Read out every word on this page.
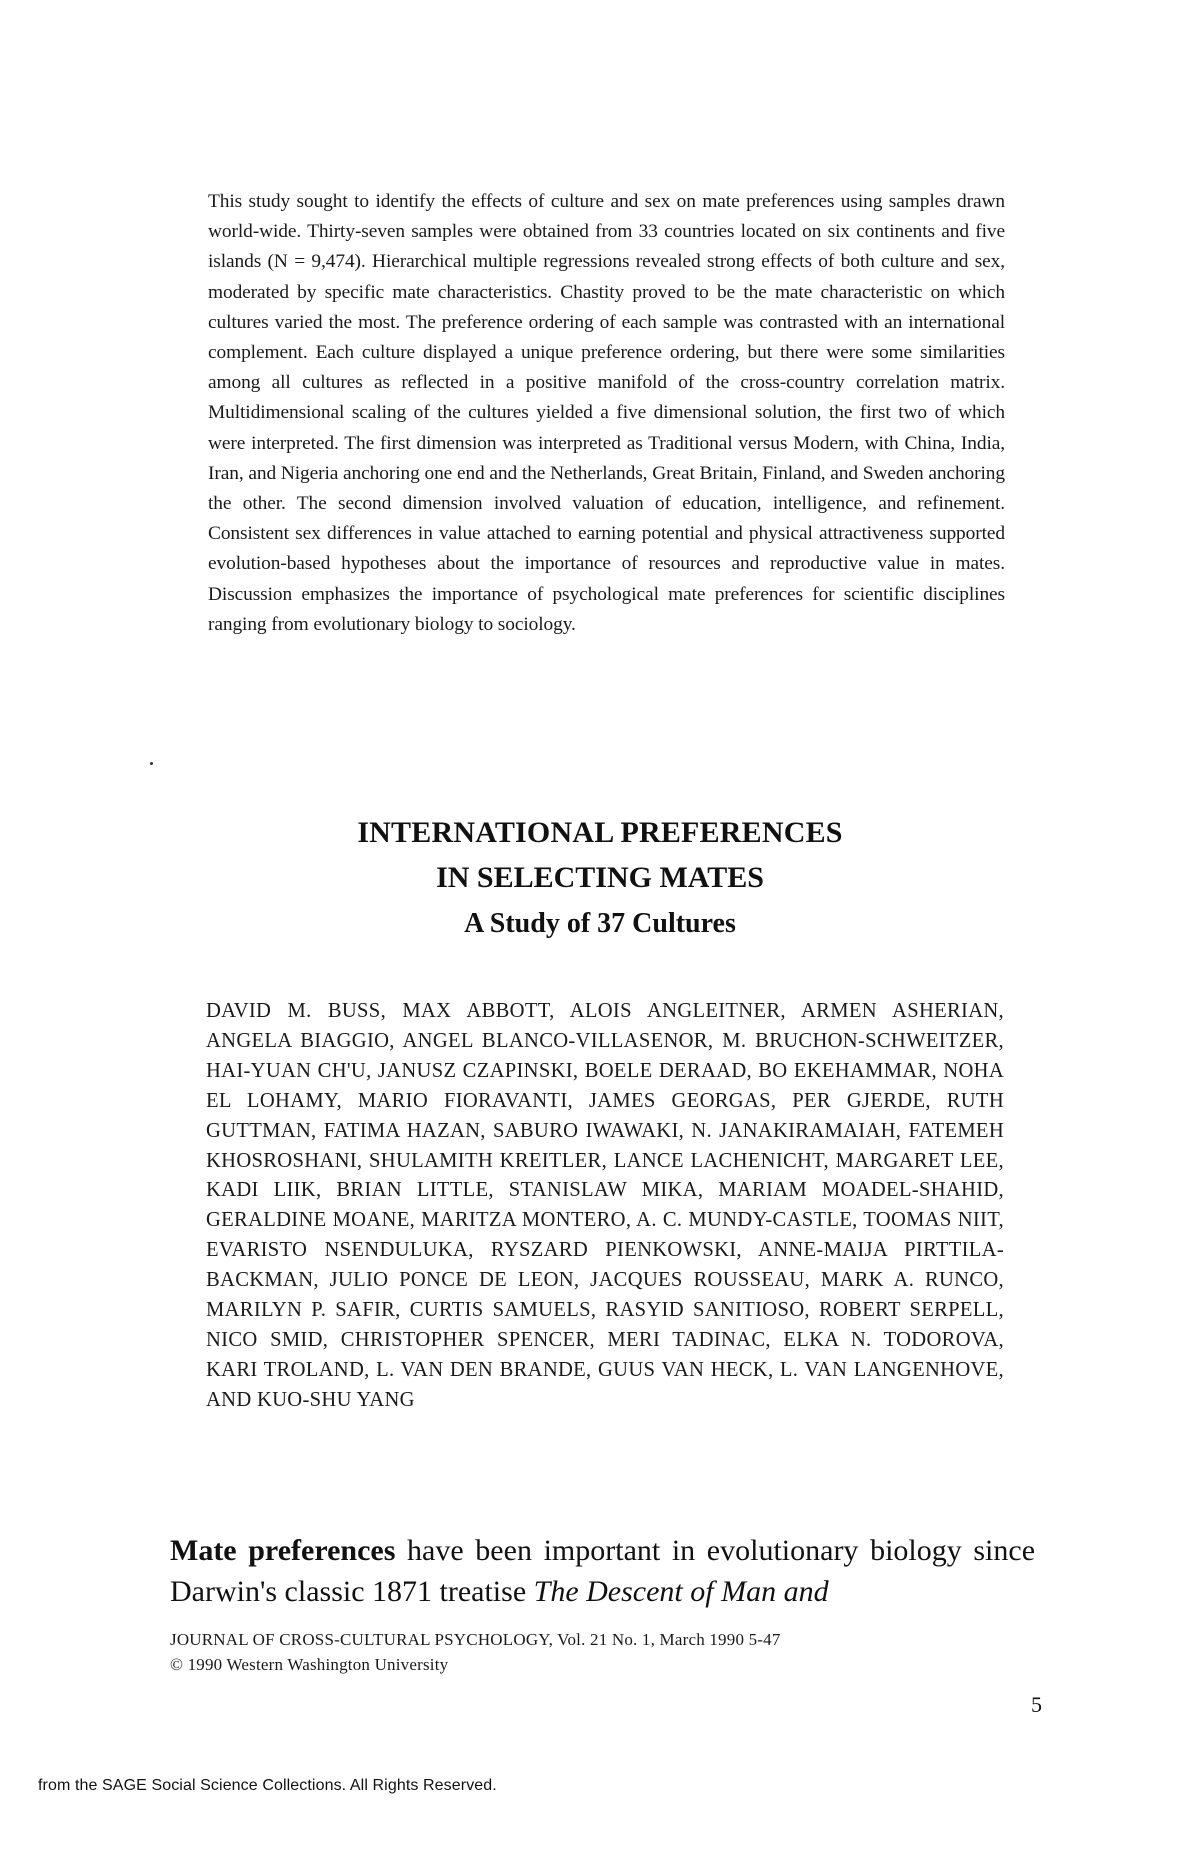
This study sought to identify the effects of culture and sex on mate preferences using samples drawn world-wide. Thirty-seven samples were obtained from 33 countries located on six continents and five islands (N = 9,474). Hierarchical multiple regressions revealed strong effects of both culture and sex, moderated by specific mate characteristics. Chastity proved to be the mate characteristic on which cultures varied the most. The preference ordering of each sample was contrasted with an international complement. Each culture displayed a unique preference ordering, but there were some similarities among all cultures as reflected in a positive manifold of the cross-country correlation matrix. Multidimensional scaling of the cultures yielded a five dimensional solution, the first two of which were interpreted. The first dimension was interpreted as Traditional versus Modern, with China, India, Iran, and Nigeria anchoring one end and the Netherlands, Great Britain, Finland, and Sweden anchoring the other. The second dimension involved valuation of education, intelligence, and refinement. Consistent sex differences in value attached to earning potential and physical attractiveness supported evolution-based hypotheses about the importance of resources and reproductive value in mates. Discussion emphasizes the importance of psychological mate preferences for scientific disciplines ranging from evolutionary biology to sociology.

INTERNATIONAL PREFERENCES
IN SELECTING MATES
A Study of 37 Cultures

DAVID M. BUSS, MAX ABBOTT, ALOIS ANGLEITNER, ARMEN ASHERIAN, ANGELA BIAGGIO, ANGEL BLANCO-VILLASENOR, M. BRUCHON-SCHWEITZER, HAI-YUAN CH'U, JANUSZ CZAPINSKI, BOELE DERAAD, BO EKEHAMMAR, NOHA EL LOHAMY, MARIO FIORAVANTI, JAMES GEORGAS, PER GJERDE, RUTH GUTTMAN, FATIMA HAZAN, SABURO IWAWAKI, N. JANAKIRAMAIAH, FATEMEH KHOSROSHANI, SHULAMITH KREITLER, LANCE LACHENICHT, MARGARET LEE, KADI LIIK, BRIAN LITTLE, STANISLAW MIKA, MARIAM MOADEL-SHAHID, GERALDINE MOANE, MARITZA MONTERO, A. C. MUNDY-CASTLE, TOOMAS NIIT, EVARISTO NSENDULUKA, RYSZARD PIENKOWSKI, ANNE-MAIJA PIRTTILA-BACKMAN, JULIO PONCE DE LEON, JACQUES ROUSSEAU, MARK A. RUNCO, MARILYN P. SAFIR, CURTIS SAMUELS, RASYID SANITIOSO, ROBERT SERPELL, NICO SMID, CHRISTOPHER SPENCER, MERI TADINAC, ELKA N. TODOROVA, KARI TROLAND, L. VAN DEN BRANDE, GUUS VAN HECK, L. VAN LANGENHOVE, AND KUO-SHU YANG

Mate preferences have been important in evolutionary biology since Darwin's classic 1871 treatise The Descent of Man and

JOURNAL OF CROSS-CULTURAL PSYCHOLOGY, Vol. 21 No. 1, March 1990 5-47
© 1990 Western Washington University
5
from the SAGE Social Science Collections. All Rights Reserved.
